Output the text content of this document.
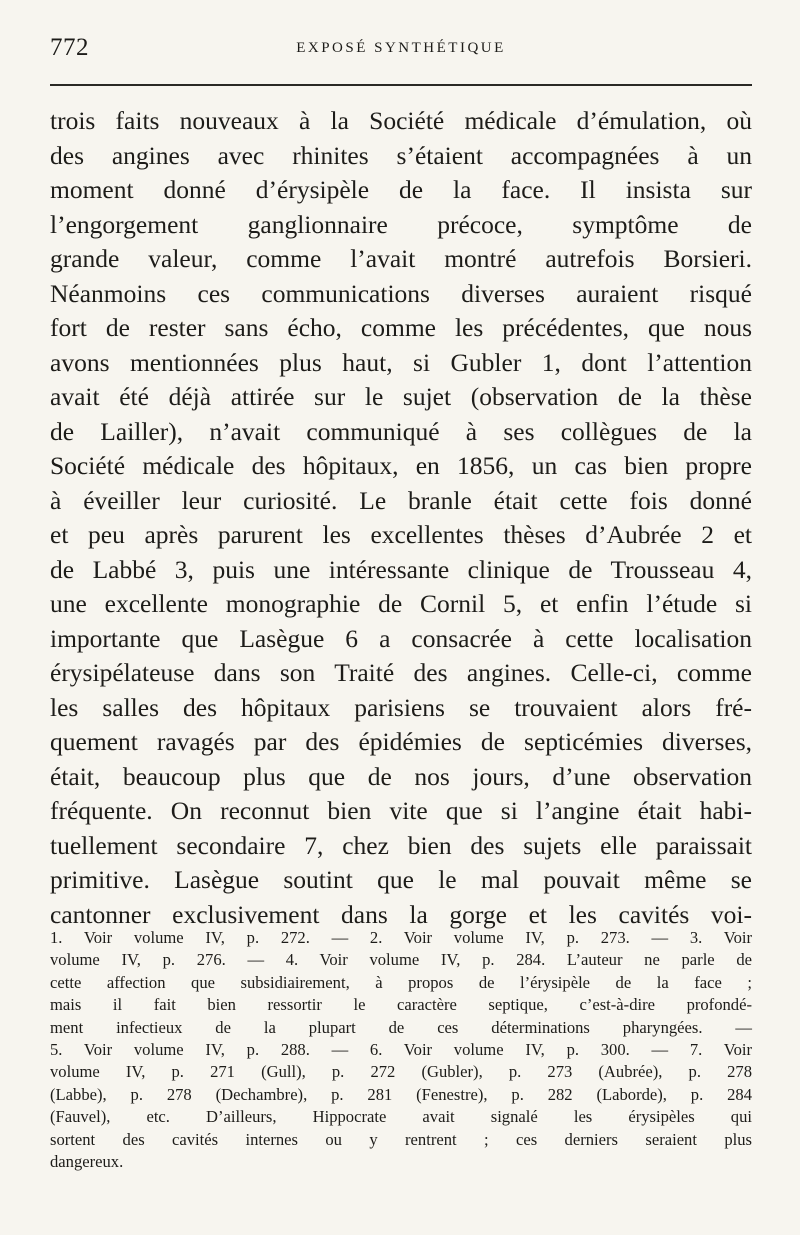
772	EXPOSÉ SYNTHÉTIQUE
trois faits nouveaux à la Société médicale d’émulation, où
des angines avec rhinites s’étaient accompagnées à un
moment donné d’érysipèle de la face. Il insista sur
l’engorgement ganglionnaire précoce, symptôme de
grande valeur, comme l’avait montré autrefois Borsieri.
Néanmoins ces communications diverses auraient risqué
fort de rester sans écho, comme les précédentes, que nous
avons mentionnées plus haut, si Gubler 1, dont l’attention
avait été déjà attirée sur le sujet (observation de la thèse
de Lailler), n’avait communiqué à ses collègues de la
Société médicale des hôpitaux, en 1856, un cas bien propre
à éveiller leur curiosité. Le branle était cette fois donné
et peu après parurent les excellentes thèses d’Aubrée 2 et
de Labbé 3, puis une intéressante clinique de Trousseau 4,
une excellente monographie de Cornil 5, et enfin l’étude si
importante que Lasègue 6 a consacrée à cette localisation
érysipélateuse dans son Traité des angines. Celle-ci, comme
les salles des hôpitaux parisiens se trouvaient alors fré-
quement ravagés par des épidémies de septicémies diverses,
était, beaucoup plus que de nos jours, d’une observation
fréquente. On reconnut bien vite que si l’angine était habi-
tuellement secondaire 7, chez bien des sujets elle paraissait
primitive. Lasègue soutint que le mal pouvait même se
cantonner exclusivement dans la gorge et les cavités voi-
1. Voir volume IV, p. 272. — 2. Voir volume IV, p. 273. — 3. Voir
volume IV, p. 276. — 4. Voir volume IV, p. 284. L’auteur ne parle de
cette affection que subsidiairement, à propos de l’érysipèle de la face ;
mais il fait bien ressortir le caractère septique, c’est-à-dire profondé-
ment infectieux de la plupart de ces déterminations pharyngées. —
5. Voir volume IV, p. 288. — 6. Voir volume IV, p. 300. — 7. Voir
volume IV, p. 271 (Gull), p. 272 (Gubler), p. 273 (Aubrée), p. 278
(Labbe), p. 278 (Dechambre), p. 281 (Fenestre), p. 282 (Laborde), p. 284
(Fauvel), etc. D’ailleurs, Hippocrate avait signalé les érysipèles qui
sortent des cavités internes ou y rentrent ; ces derniers seraient plus
dangereux.
